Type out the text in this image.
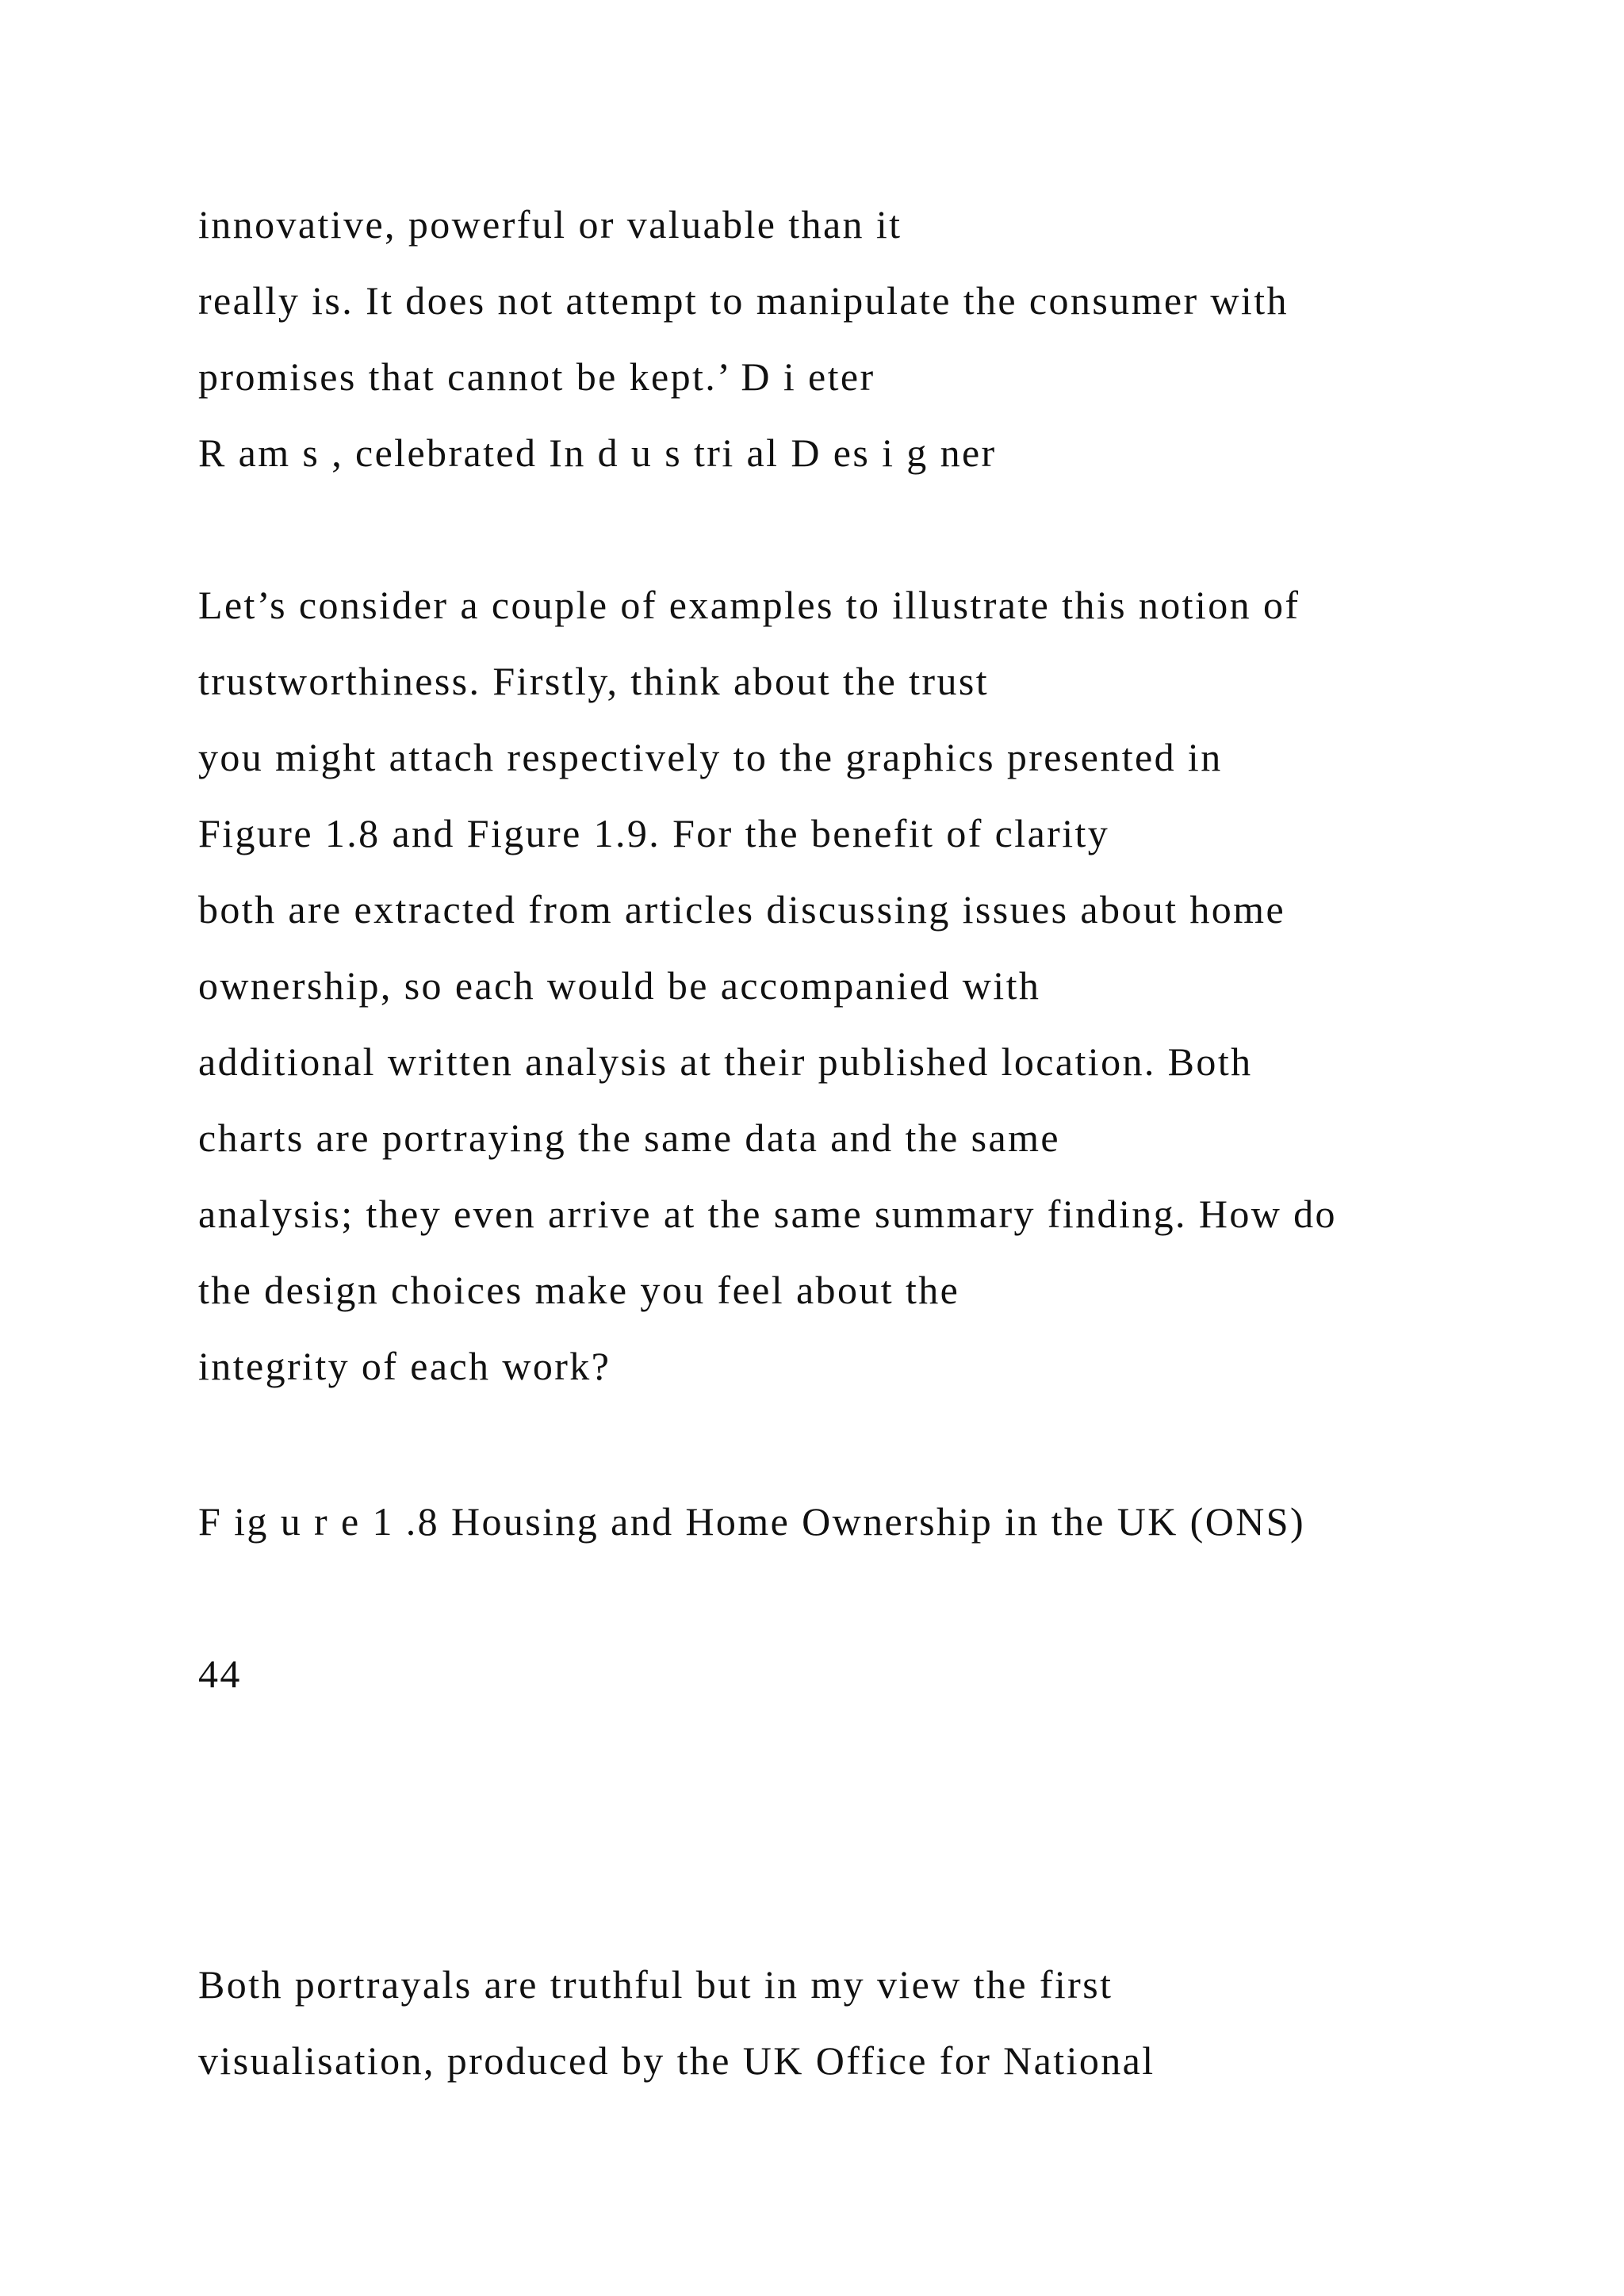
innovative, powerful or valuable than it

really is. It does not attempt to manipulate the consumer with

promises that cannot be kept.’ D i eter

R am s , celebrated In d u s tri al D es i g ner

Let’s consider a couple of examples to illustrate this notion of

trustworthiness. Firstly, think about the trust

you might attach respectively to the graphics presented in

Figure 1.8 and Figure 1.9. For the benefit of clarity

both are extracted from articles discussing issues about home

ownership, so each would be accompanied with

additional written analysis at their published location. Both

charts are portraying the same data and the same

analysis; they even arrive at the same summary finding. How do

the design choices make you feel about the

integrity of each work?

F ig u r e 1 .8 Housing and Home Ownership in the UK (ONS)

44

Both portrayals are truthful but in my view the first

visualisation, produced by the UK Office for National
